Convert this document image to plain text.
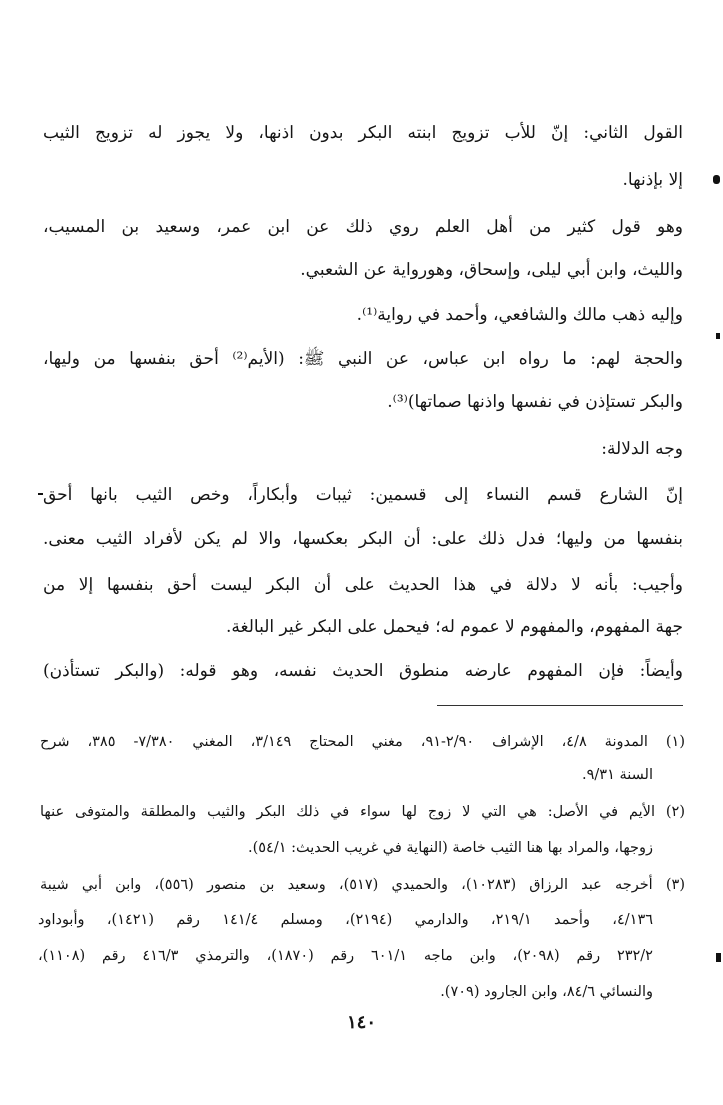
القول الثاني: إنّ للأب تزويج ابنته البكر بدون اذنها، ولا يجوز له تزويج الثيب

إلا بإذنها.

وهو قول كثير من أهل العلم روي ذلك عن ابن عمر، وسعيد بن المسيب،

والليث، وابن أبي ليلى، وإسحاق، وهورواية عن الشعبي.

وإليه ذهب مالك والشافعي، وأحمد في رواية⁽¹⁾.

والحجة لهم: ما رواه ابن عباس، عن النبي ﷺ: (الأيم⁽²⁾ أحق بنفسها من وليها،

والبكر تستإذن في نفسها واذنها صماتها)⁽³⁾.

وجه الدلالة:

إنّ الشارع قسم النساء إلى قسمين: ثيبات وأبكاراً، وخص الثيب بانها أحق

بنفسها من وليها؛ فدل ذلك على: أن البكر بعكسها، والا لم يكن لأفراد الثيب معنى.

وأجيب: بأنه لا دلالة في هذا الحديث على أن البكر ليست أحق بنفسها إلا من

جهة المفهوم، والمفهوم لا عموم له؛ فيحمل على البكر غير البالغة.

وأيضاً: فإن المفهوم عارضه منطوق الحديث نفسه، وهو قوله: (والبكر تستأذن)

(١) المدونة ٤/٨، الإشراف ٢/٩٠-٩١، مغني المحتاج ٣/١٤٩، المغني ٧/٣٨٠- ٣٨٥، شرح

السنة ٩/٣١.

(٢) الأيم في الأصل: هي التي لا زوج لها سواء في ذلك البكر والثيب والمطلقة والمتوفى عنها

زوجها، والمراد بها هنا الثيب خاصة (النهاية في غريب الحديث: ٥٤/١).

(٣) أخرجه عبد الرزاق (١٠٢٨٣)، والحميدي (٥١٧)، وسعيد بن منصور (٥٥٦)، وابن أبي شيبة

٤/١٣٦، وأحمد ٢١٩/١، والدارمي (٢١٩٤)، ومسلم ١٤١/٤ رقم (١٤٢١)، وأبوداود

٢٣٢/٢ رقم (٢٠٩٨)، وابن ماجه ٦٠١/١ رقم (١٨٧٠)، والترمذي ٤١٦/٣ رقم (١١٠٨)،

والنسائي ٨٤/٦، وابن الجارود (٧٠٩).

١٤٠
